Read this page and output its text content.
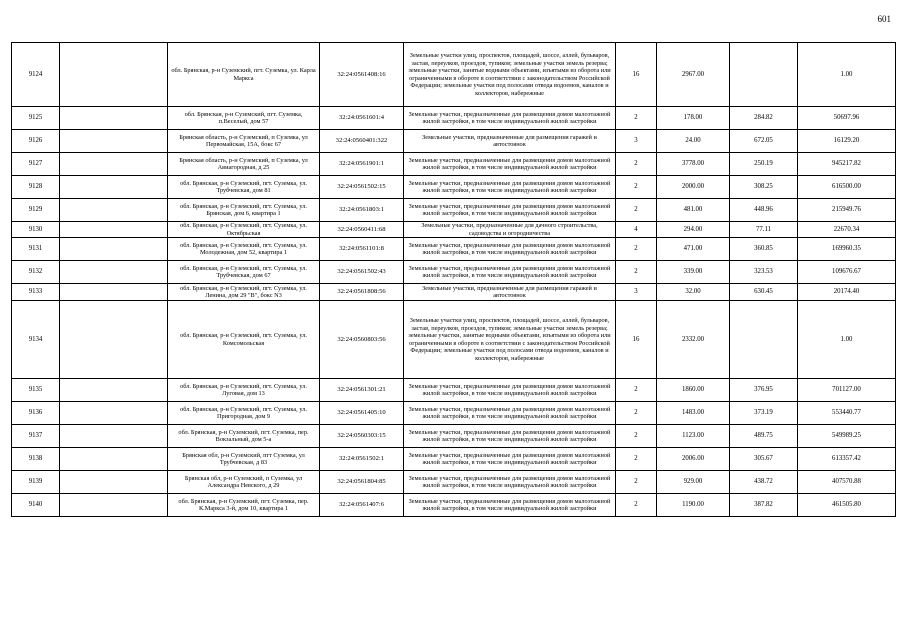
601
9124		обл. Брянская, р-н Суземский, пгт. Суземка, ул. Карла Маркса	32:24:0561408:16	Земельные участки улиц, проспектов, площадей, шоссе, аллей, бульваров, застав, переулков, проездов, тупиков; земельные участки земель резерва; земельные участки, занятые водными объектами, изъятыми из оборота или ограниченными в обороте в соответствии с законодательством Российской Федерации; земельные участки под полосами отвода водоемов, каналов и коллекторов, набережные	16	2967.00		1.00
9125		обл. Брянская, р-н Суземский, пгт. Суземка, п.Веселый, дом 57	32:24:0561601:4	Земельные участки, предназначенные для размещения домов малоэтажной жилой застройки, в том числе индивидуальной жилой застройки	2	178.00	284.82	50697.96
9126		Брянская область, р-н Суземский, п Суземка, ул Первомайская, 15А, бокс 67	32:24:0560401:322	Земельные участки, предназначенные для размещения гаражей и автостоянок	3	24.00	672.05	16129.20
9127		Брянская область, р-н Суземский, п Суземка, ул Авиагородная, д 25	32:24:0561901:1	Земельные участки, предназначенные для размещения домов малоэтажной жилой застройки, в том числе индивидуальной жилой застройки	2	3778.00	250.19	945217.82
9128		обл. Брянская, р-н Суземский, пгт. Суземка, ул. Трубчевская, дом 81	32:24:0561502:15	Земельные участки, предназначенные для размещения домов малоэтажной жилой застройки, в том числе индивидуальной жилой застройки	2	2000.00	308.25	616500.00
9129		обл. Брянская, р-н Суземский, пгт. Суземка, ул. Брянская, дом 6, квартира 1	32:24:0561803:1	Земельные участки, предназначенные для размещения домов малоэтажной жилой застройки, в том числе индивидуальной жилой застройки	2	481.00	448.96	215949.76
9130		обл. Брянская, р-н Суземский, пгт. Суземка, ул. Октябрьская	32:24:0560411:68	Земельные участки, предназначенные для дачного строительства, садоводства и огородничества	4	294.00	77.11	22670.34
9131		обл. Брянская, р-н Суземский, пгт. Суземка, ул. Молодежная, дом 52, квартира 1	32:24:0561101:8	Земельные участки, предназначенные для размещения домов малоэтажной жилой застройки, в том числе индивидуальной жилой застройки	2	471.00	360.85	169960.35
9132		обл. Брянская, р-н Суземский, пгт. Суземка, ул. Трубчевская, дом 67	32:24:0561502:43	Земельные участки, предназначенные для размещения домов малоэтажной жилой застройки, в том числе индивидуальной жилой застройки	2	339.00	323.53	109676.67
9133		обл. Брянская, р-н Суземский, пгт. Суземка, ул. Ленина, дом 29 "В", бокс N3	32:24:0561808:56	Земельные участки, предназначенные для размещения гаражей и автостоянок	3	32.00	630.45	20174.40
9134		обл. Брянская, р-н Суземский, пгт. Суземка, ул. Комсомольская	32:24:0560803:56	Земельные участки улиц, проспектов, площадей, шоссе, аллей, бульваров, застав, переулков, проездов, тупиков; земельные участки земель резерва; земельные участки, занятые водными объектами, изъятыми из оборота или ограниченными в обороте в соответствии с законодательством Российской Федерации; земельные участки под полосами отвода водоемов, каналов и коллекторов, набережные	16	2332.00		1.00
9135		обл. Брянская, р-н Суземский, пгт. Суземка, ул. Луговая, дом 13	32:24:0561301:21	Земельные участки, предназначенные для размещения домов малоэтажной жилой застройки, в том числе индивидуальной жилой застройки	2	1860.00	376.95	701127.00
9136		обл. Брянская, р-н Суземский, пгт. Суземка, ул. Пригородная, дом 9	32:24:0561405:10	Земельные участки, предназначенные для размещения домов малоэтажной жилой застройки, в том числе индивидуальной жилой застройки	2	1483.00	373.19	553440.77
9137		обл. Брянская, р-н Суземский, пгт. Суземка, пер. Вокзальный, дом 5-а	32:24:0560303:15	Земельные участки, предназначенные для размещения домов малоэтажной жилой застройки, в том числе индивидуальной жилой застройки	2	1123.00	489.75	549989.25
9138		Брянская обл, р-н Суземский, пгт Суземка, ул Трубчевская, д 83	32:24:0561502:1	Земельные участки, предназначенные для размещения домов малоэтажной жилой застройки, в том числе индивидуальной жилой застройки	2	2006.00	305.67	613357.42
9139		Брянская обл, р-н Суземский, п Суземка, ул Александра Невского, д 29	32:24:0561804:85	Земельные участки, предназначенные для размещения домов малоэтажной жилой застройки, в том числе индивидуальной жилой застройки	2	929.00	438.72	407570.88
9140		обл. Брянская, р-н Суземский, пгт. Суземка, пер. К.Маркса 3-й, дом 10, квартира 1	32:24:0561407:6	Земельные участки, предназначенные для размещения домов малоэтажной жилой застройки, в том числе индивидуальной жилой застройки	2	1190.00	387.82	461505.80
